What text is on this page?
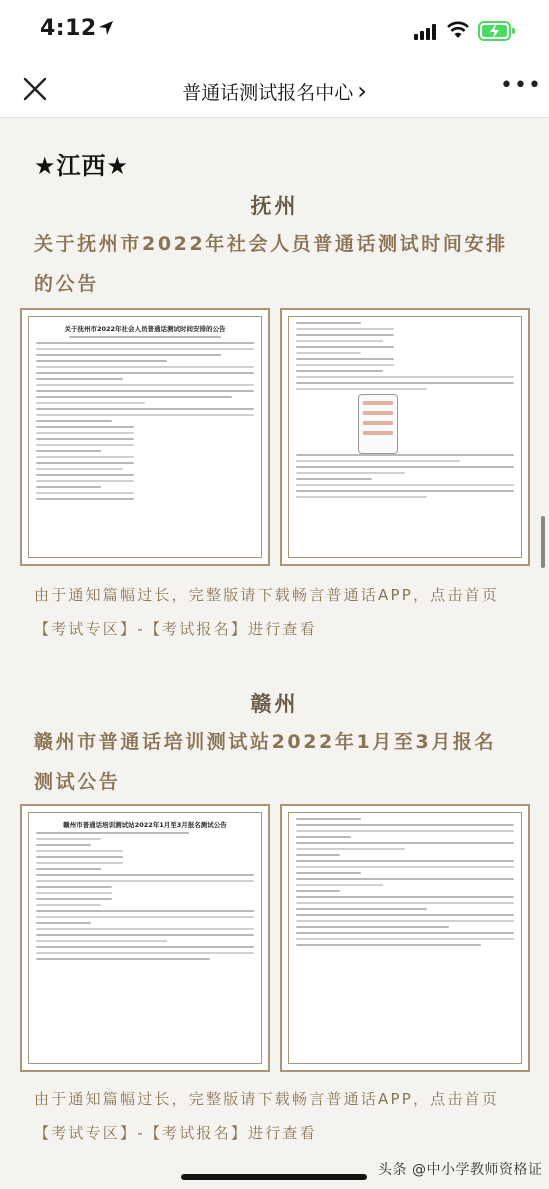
4:12
普通话测试报名中心 ›	•••
★江西★
抚州
关于抚州市2022年社会人员普通话测试时间安排的公告
关于抚州市2022年社会人员普通话测试时间安排的公告
由于通知篇幅过长，完整版请下载畅言普通话APP，点击首页【考试专区】-【考试报名】进行查看
赣州
赣州市普通话培训测试站2022年1月至3月报名测试公告
赣州市普通话培训测试站2022年1月至3月报名测试公告
由于通知篇幅过长，完整版请下载畅言普通话APP，点击首页【考试专区】-【考试报名】进行查看
头条 @中小学教师资格证
